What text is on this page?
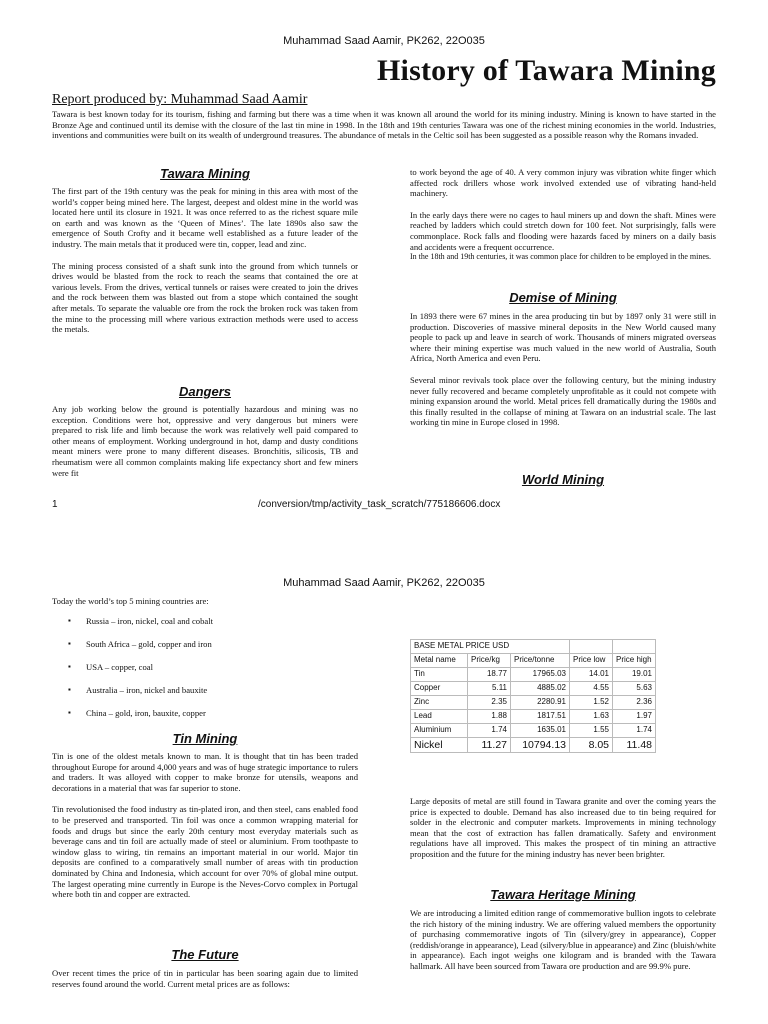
Muhammad Saad Aamir, PK262, 22O035
History of Tawara Mining
Report produced by: Muhammad Saad Aamir

Tawara is best known today for its tourism, fishing and farming but there was a time when it was known all around the world for its mining industry. Mining is known to have started in the Bronze Age and continued until its demise with the closure of the last tin mine in 1998. In the 18th and 19th centuries Tawara was one of the richest mining economies in the world. Industries, inventions and communities were built on its wealth of underground treasures. The abundance of metals in the Celtic soil has been suggested as a possible reason why the Romans invaded.

Tawara Mining

The first part of the 19th century was the peak for mining in this area with most of the world’s copper being mined here. The largest, deepest and oldest mine in the world was located here until its closure in 1921. It was once referred to as the richest square mile on earth and was known as the ‘Queen of Mines’. The late 1890s also saw the emergence of South Crofty and it became well established as a future leader of the industry. The main metals that it produced were tin, copper, lead and zinc.

The mining process consisted of a shaft sunk into the ground from which tunnels or drives would be blasted from the rock to reach the seams that contained the ore at various levels. From the drives, vertical tunnels or raises were created to join the drives and the rock between them was blasted out from a stope which contained the sought after metals. To separate the valuable ore from the rock the broken rock was taken from the mine to the processing mill where various extraction methods were used to access the metals.

Dangers

Any job working below the ground is potentially hazardous and mining was no exception. Conditions were hot, oppressive and very dangerous but miners were prepared to risk life and limb because the work was relatively well paid compared to other means of employment. Working underground in hot, damp and dusty conditions meant miners were prone to many different diseases. Bronchitis, silicosis, TB and rheumatism were all common complaints making life expectancy short and few miners were fit

to work beyond the age of 40. A very common injury was vibration white finger which affected rock drillers whose work involved extended use of vibrating hand-held machinery.

In the early days there were no cages to haul miners up and down the shaft. Mines were reached by ladders which could stretch down for 100 feet. Not surprisingly, falls were commonplace. Rock falls and flooding were hazards faced by miners on a daily basis and accidents were a frequent occurrence.

In the 18th and 19th centuries, it was common place for children to be employed in the mines.

Demise of Mining

In 1893 there were 67 mines in the area producing tin but by 1897 only 31 were still in production. Discoveries of massive mineral deposits in the New World caused many people to pack up and leave in search of work. Thousands of miners migrated overseas where their mining expertise was much valued in the new world of Australia, South Africa, North America and even Peru.

Several minor revivals took place over the following century, but the mining industry never fully recovered and became completely unprofitable as it could not compete with mining expansion around the world. Metal prices fell dramatically during the 1980s and this finally resulted in the collapse of mining at Tawara on an industrial scale. The last working tin mine in Europe closed in 1998.

World Mining
1	/conversion/tmp/activity_task_scratch/775186606.docx
Muhammad Saad Aamir, PK262, 22O035

Today the world’s top 5 mining countries are:

▪ Russia – iron, nickel, coal and cobalt
▪ South Africa – gold, copper and iron
▪ USA – copper, coal
▪ Australia – iron, nickel and bauxite
▪ China – gold, iron, bauxite, copper
Tin Mining

Tin is one of the oldest metals known to man. It is thought that tin has been traded throughout Europe for around 4,000 years and was of huge strategic importance to rulers and traders. It was alloyed with copper to make bronze for utensils, weapons and decorations in a material that was far superior to stone.

Tin revolutionised the food industry as tin-plated iron, and then steel, cans enabled food to be preserved and transported. Tin foil was once a common wrapping material for foods and drugs but since the early 20th century most everyday materials such as beverage cans and tin foil are actually made of steel or aluminium. From toothpaste to window glass to wiring, tin remains an important material in our world. Major tin deposits are confined to a comparatively small number of areas with tin production dominated by China and Indonesia, which account for over 70% of global mine output. The largest operating mine currently in Europe is the Neves-Corvo complex in Portugal where both tin and copper are extracted.

The Future

Over recent times the price of tin in particular has been soaring again due to limited reserves found around the world. Current metal prices are as follows:

BASE METAL PRICE USD				
Metal name	Price/kg	Price/tonne	Price low	Price high
Tin	18.77	17965.03	14.01	19.01
Copper	5.11	4885.02	4.55	5.63
Zinc	2.35	2280.91	1.52	2.36
Lead	1.88	1817.51	1.63	1.97
Aluminium	1.74	1635.01	1.55	1.74
Nickel	11.27	10794.13	8.05	11.48

Large deposits of metal are still found in Tawara granite and over the coming years the price is expected to double. Demand has also increased due to tin being required for solder in the electronic and computer markets. Improvements in mining technology mean that the cost of extraction has fallen dramatically. Safety and environment regulations have all improved. This makes the prospect of tin mining an attractive proposition and the future for the mining industry has never been brighter.

Tawara Heritage Mining

We are introducing a limited edition range of commemorative bullion ingots to celebrate the rich history of the mining industry. We are offering valued members the opportunity of purchasing commemorative ingots of Tin (silvery/grey in appearance), Copper (reddish/orange in appearance), Lead (silvery/blue in appearance) and Zinc (bluish/white in appearance). Each ingot weighs one kilogram and is branded with the Tawara hallmark. All have been sourced from Tawara ore production and are 99.9% pure.
